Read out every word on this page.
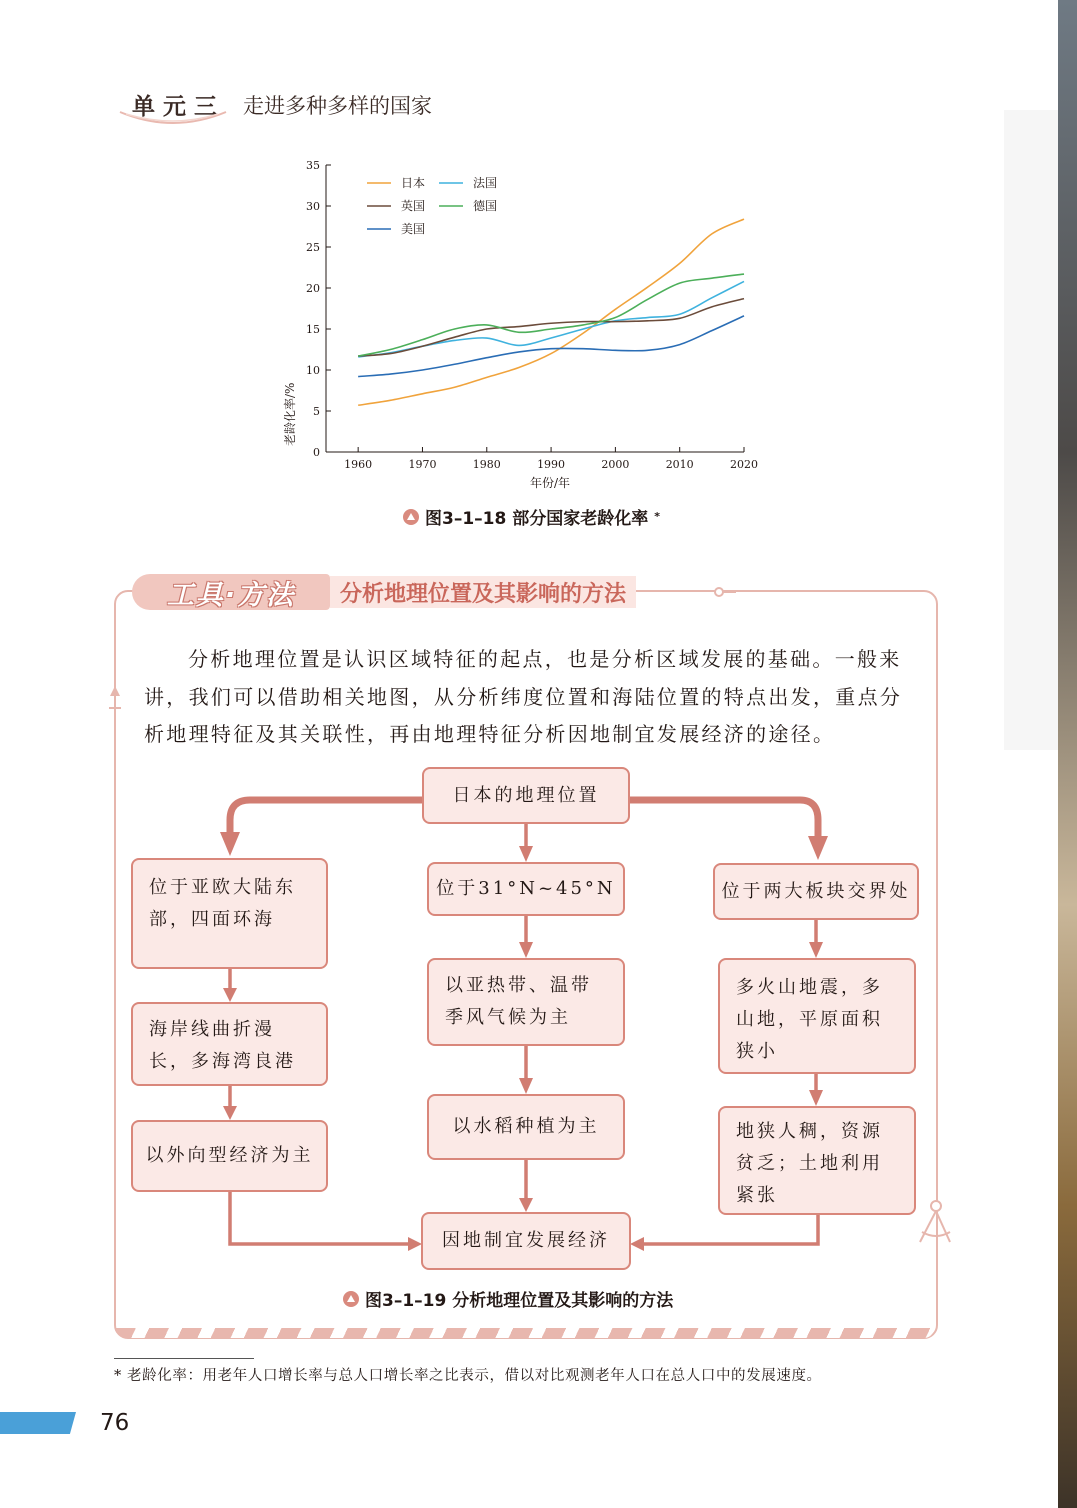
单元三 走进多种多样的国家
0
5
10
15
20
25
30
35
1960	1970	1980	1990	2000	2010	2020
日本	法国
英国	德国
美国
老龄化率/%
年份/年
图3–1–18 部分国家老龄化率 *
工具·方法	分析地理位置及其影响的方法

分析地理位置是认识区域特征的起点，也是分析区域发展的基础。一般来讲，我们可以借助相关地图，从分析纬度位置和海陆位置的特点出发，重点分析地理特征及其关联性，再由地理特征分析因地制宜发展经济的途径。

日本的地理位置
位于亚欧大陆东部，四面环海
海岸线曲折漫长，多海湾良港
以外向型经济为主
位于31°N~45°N
以亚热带、温带季风气候为主
以水稻种植为主
位于两大板块交界处
多火山地震，多山地，平原面积狭小
地狭人稠，资源贫乏；土地利用紧张
因地制宜发展经济
图3–1–19 分析地理位置及其影响的方法
* 老龄化率：用老年人口增长率与总人口增长率之比表示，借以对比观测老年人口在总人口中的发展速度。
76
